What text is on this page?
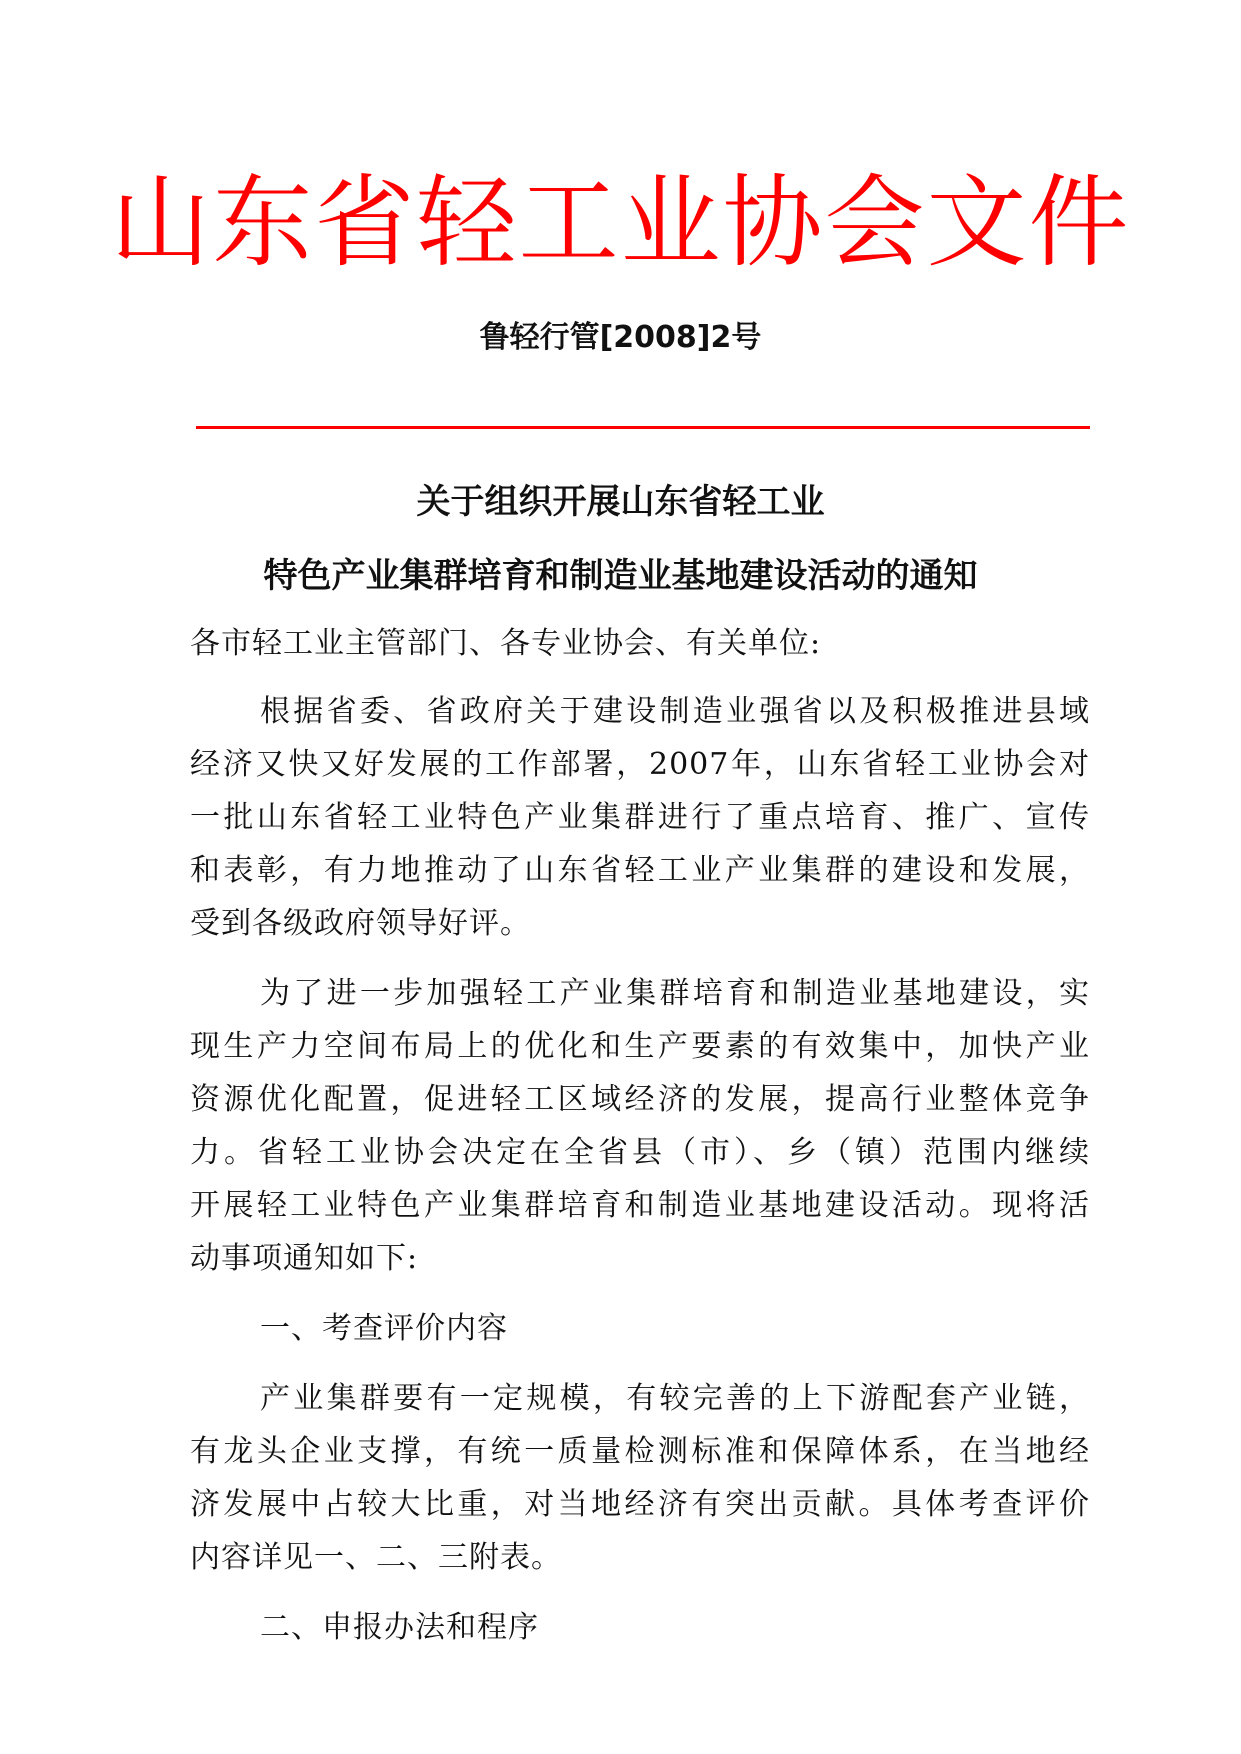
山东省轻工业协会文件
鲁轻行管[2008]2号
关于组织开展山东省轻工业
特色产业集群培育和制造业基地建设活动的通知
各市轻工业主管部门、各专业协会、有关单位:
根据省委、省政府关于建设制造业强省以及积极推进县域
经济又快又好发展的工作部署，2007年，山东省轻工业协会对
一批山东省轻工业特色产业集群进行了重点培育、推广、宣传
和表彰，有力地推动了山东省轻工业产业集群的建设和发展，
受到各级政府领导好评。
为了进一步加强轻工产业集群培育和制造业基地建设，实
现生产力空间布局上的优化和生产要素的有效集中，加快产业
资源优化配置，促进轻工区域经济的发展，提高行业整体竞争
力。省轻工业协会决定在全省县（市）、乡（镇）范围内继续
开展轻工业特色产业集群培育和制造业基地建设活动。现将活
动事项通知如下:
一、考查评价内容
产业集群要有一定规模，有较完善的上下游配套产业链，
有龙头企业支撑，有统一质量检测标准和保障体系，在当地经
济发展中占较大比重，对当地经济有突出贡献。具体考查评价
内容详见一、二、三附表。
二、申报办法和程序
